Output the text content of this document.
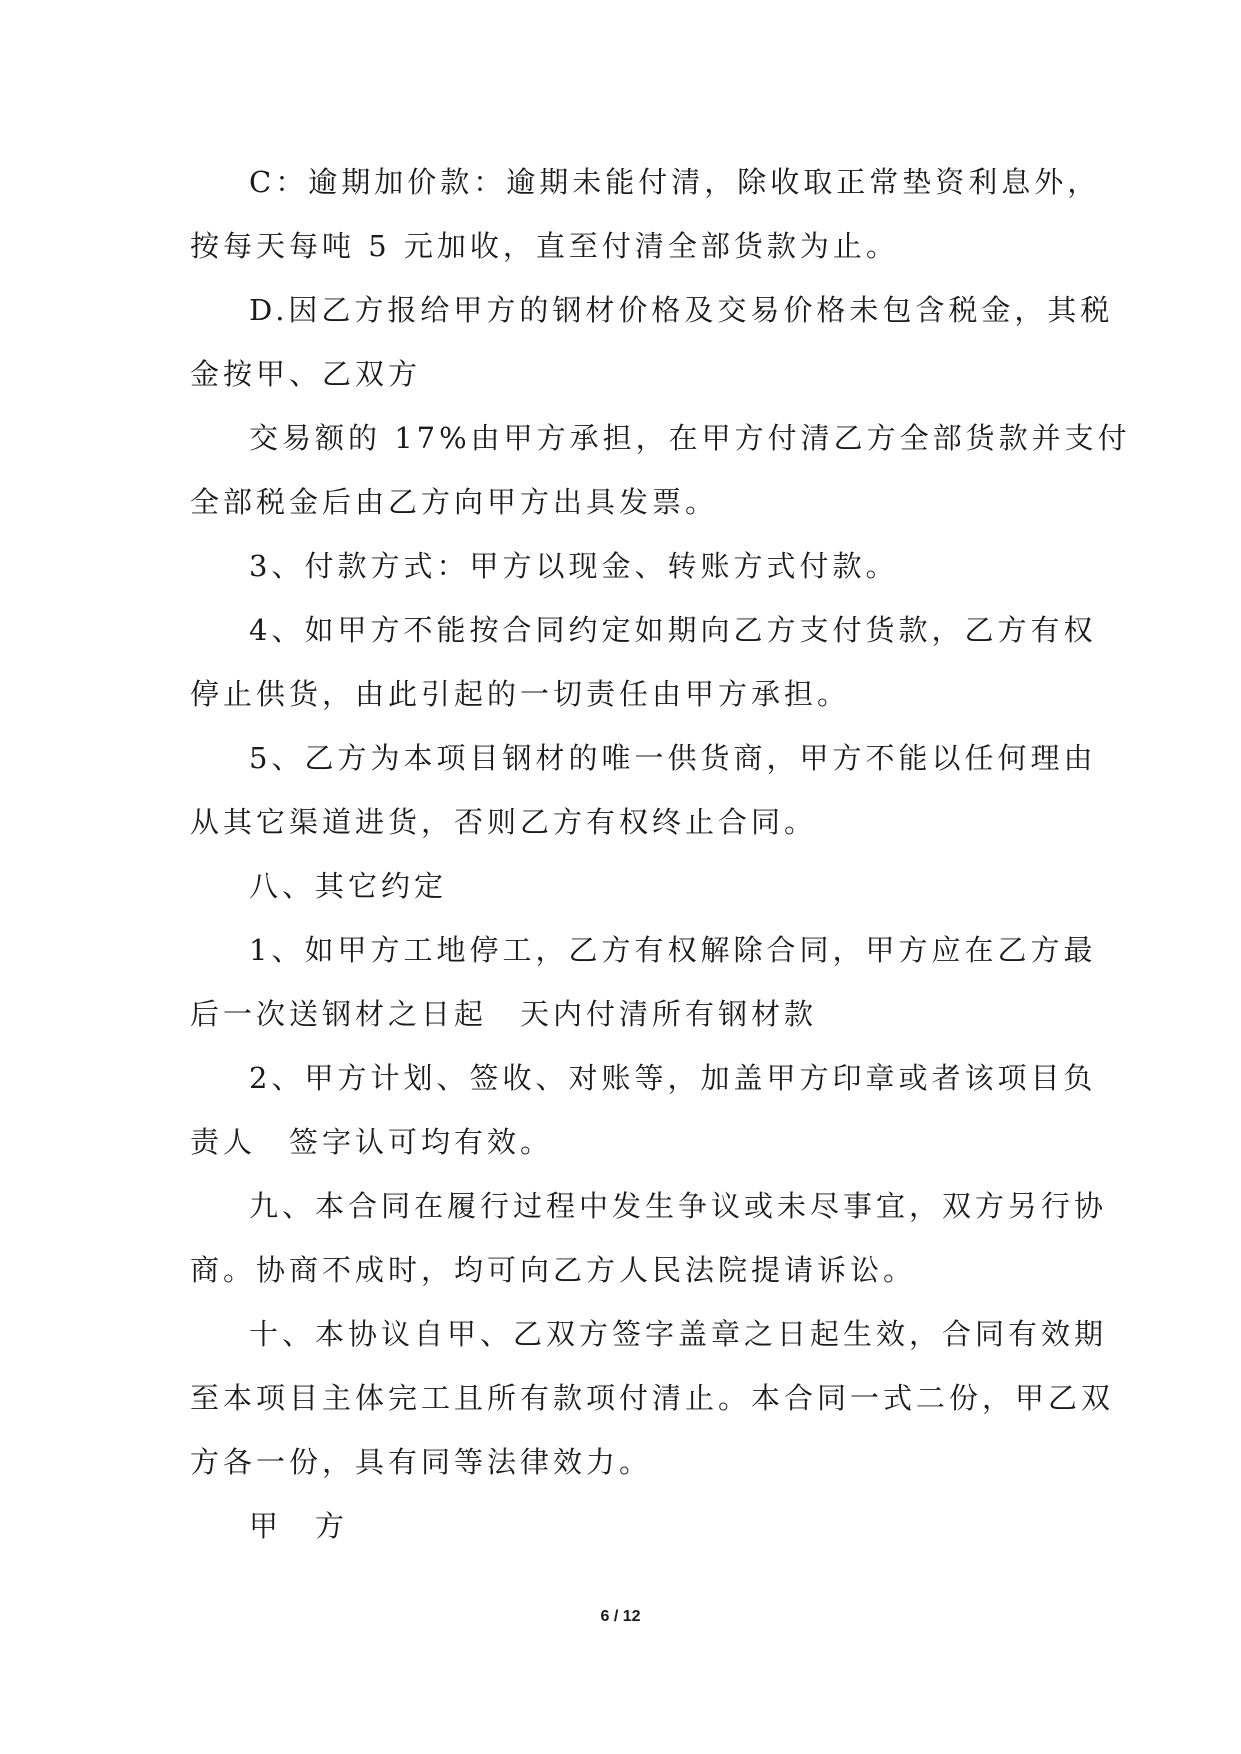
C：逾期加价款：逾期未能付清，除收取正常垫资利息外，
按每天每吨 5 元加收，直至付清全部货款为止。
D.因乙方报给甲方的钢材价格及交易价格未包含税金，其税
金按甲、乙双方
交易额的 17%由甲方承担，在甲方付清乙方全部货款并支付
全部税金后由乙方向甲方出具发票。
3、付款方式：甲方以现金、转账方式付款。
4、如甲方不能按合同约定如期向乙方支付货款，乙方有权
停止供货，由此引起的一切责任由甲方承担。
5、乙方为本项目钢材的唯一供货商，甲方不能以任何理由
从其它渠道进货，否则乙方有权终止合同。
八、其它约定
1、如甲方工地停工，乙方有权解除合同，甲方应在乙方最
后一次送钢材之日起　天内付清所有钢材款
2、甲方计划、签收、对账等，加盖甲方印章或者该项目负
责人　签字认可均有效。
九、本合同在履行过程中发生争议或未尽事宜，双方另行协
商。协商不成时，均可向乙方人民法院提请诉讼。
十、本协议自甲、乙双方签字盖章之日起生效，合同有效期
至本项目主体完工且所有款项付清止。本合同一式二份，甲乙双
方各一份，具有同等法律效力。
甲　方
6 / 12
